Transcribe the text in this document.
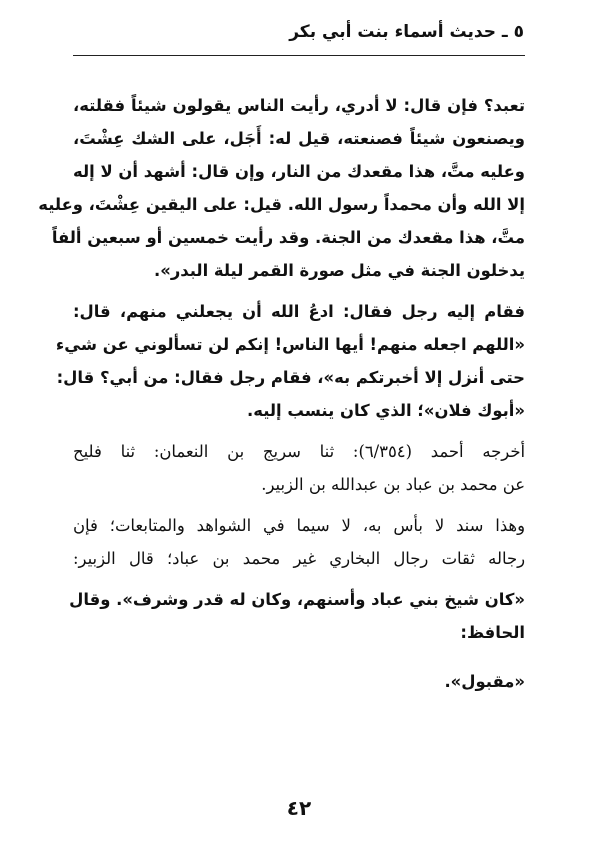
٥ ـ حديث أسماء بنت أبي بكر
تعبد؟ فإن قال: لا أدري، رأيت الناس يقولون شيئاً فقلته،
ويصنعون شيئاً فصنعته، قيل له: أَجَل، على الشك عِشْتَ،
وعليه متَّ، هذا مقعدك من النار، وإن قال: أشهد أن لا إله
إلا الله وأن محمداً رسول الله. قيل: على اليقين عِشْتَ، وعليه
متَّ، هذا مقعدك من الجنة. وقد رأيت خمسين أو سبعين ألفاً
يدخلون الجنة في مثل صورة القمر ليلة البدر».
فقام إليه رجل فقال: ادعُ الله أن يجعلني منهم، قال:
«اللهم اجعله منهم! أيها الناس! إنكم لن تسألوني عن شيء
حتى أنزل إلا أخبرتكم به»، فقام رجل فقال: من أبي؟ قال:
«أبوك فلان»؛ الذي كان ينسب إليه.
أخرجه أحمد (٦/٣٥٤): ثنا سريج بن النعمان: ثنا فليح
عن محمد بن عباد بن عبدالله بن الزبير.
وهذا سند لا بأس به، لا سيما في الشواهد والمتابعات؛ فإن
رجاله ثقات رجال البخاري غير محمد بن عباد؛ قال الزبير:
«كان شيخ بني عباد وأسنهم، وكان له قدر وشرف». وقال
الحافظ:
«مقبول».
٤٢
